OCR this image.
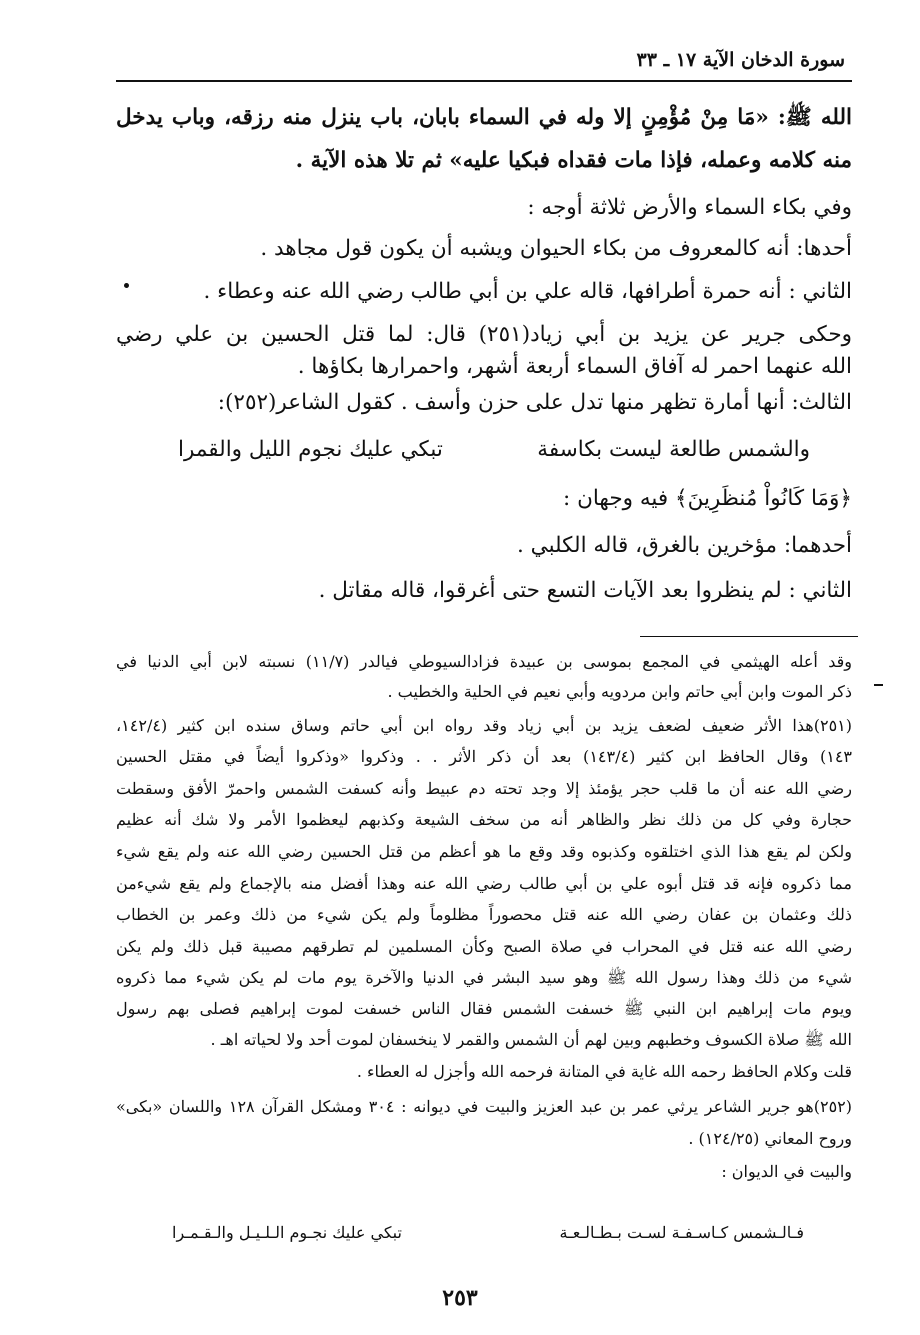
سورة الدخان الآية ١٧ ـ ٣٣
الله ﷺ: «مَا مِنْ مُؤْمِنٍ إلا وله في السماء بابان، باب ينزل منه رزقه، وباب يدخل
منه كلامه وعمله، فإذا مات فقداه فبكيا عليه» ثم تلا هذه الآية .
وفي بكاء السماء والأرض ثلاثة أوجه :
أحدها: أنه كالمعروف من بكاء الحيوان ويشبه أن يكون قول مجاهد .
الثاني : أنه حمرة أطرافها، قاله علي بن أبي طالب رضي الله عنه وعطاء .
وحكى جرير عن يزيد بن أبي زياد(٢٥١) قال: لما قتل الحسين بن علي رضي
الله عنهما احمر له آفاق السماء أربعة أشهر، واحمرارها بكاؤها .
الثالث: أنها أمارة تظهر منها تدل على حزن وأسف . كقول الشاعر(٢٥٢):
والشمس طالعة ليست بكاسفة
تبكي عليك نجوم الليل والقمرا
﴿وَمَا كَانُواْ مُنظَرِينَ﴾ فيه وجهان :
أحدهما: مؤخرين بالغرق، قاله الكلبي .
الثاني : لم ينظروا بعد الآيات التسع حتى أغرقوا، قاله مقاتل .
وقد أعله الهيثمي في المجمع بموسى بن عبيدة فزادالسيوطي فيالدر (١١/٧) نسبته لابن أبي الدنيا في
ذكر الموت وابن أبي حاتم وابن مردويه وأبي نعيم في الحلية والخطيب .
(٢٥١)هذا الأثر ضعيف لضعف يزيد بن أبي زياد وقد رواه ابن أبي حاتم وساق سنده ابن كثير (١٤٢/٤،
١٤٣) وقال الحافظ ابن كثير (١٤٣/٤) بعد أن ذكر الأثر . . وذكروا «وذكروا أيضاً في مقتل الحسين
رضي الله عنه أن ما قلب حجر يؤمئذ إلا وجد تحته دم عبيط وأنه كسفت الشمس واحمرّ الأفق وسقطت
حجارة وفي كل من ذلك نظر والظاهر أنه من سخف الشيعة وكذبهم ليعظموا الأمر ولا شك أنه عظيم
ولكن لم يقع هذا الذي اختلقوه وكذبوه وقد وقع ما هو أعظم من قتل الحسين رضي الله عنه ولم يقع شيء
مما ذكروه فإنه قد قتل أبوه علي بن أبي طالب رضي الله عنه وهذا أفضل منه بالإجماع ولم يقع شيءمن
ذلك وعثمان بن عفان رضي الله عنه قتل محصوراً مظلوماً ولم يكن شيء من ذلك وعمر بن الخطاب
رضي الله عنه قتل في المحراب في صلاة الصبح وكأن المسلمين لم تطرقهم مصيبة قبل ذلك ولم يكن
شيء من ذلك وهذا رسول الله ﷺ وهو سيد البشر في الدنيا والآخرة يوم مات لم يكن شيء مما ذكروه
ويوم مات إبراهيم ابن النبي ﷺ خسفت الشمس فقال الناس خسفت لموت إبراهيم فصلى بهم رسول
الله ﷺ صلاة الكسوف وخطبهم وبين لهم أن الشمس والقمر لا ينخسفان لموت أحد ولا لحياته اهـ .
قلت وكلام الحافظ رحمه الله غاية في المتانة فرحمه الله وأجزل له العطاء .
(٢٥٢)هو جرير الشاعر يرثي عمر بن عبد العزيز والبيت في ديوانه : ٣٠٤ ومشكل القرآن ١٢٨ واللسان «بكى»
وروح المعاني (١٢٤/٢٥) .
والبيت في الديوان :
فـالـشمس كـاسـفـة لسـت بـطـالـعـة
تبكي عليك نجـوم الـلـيـل والـقـمـرا
٢٥٣
